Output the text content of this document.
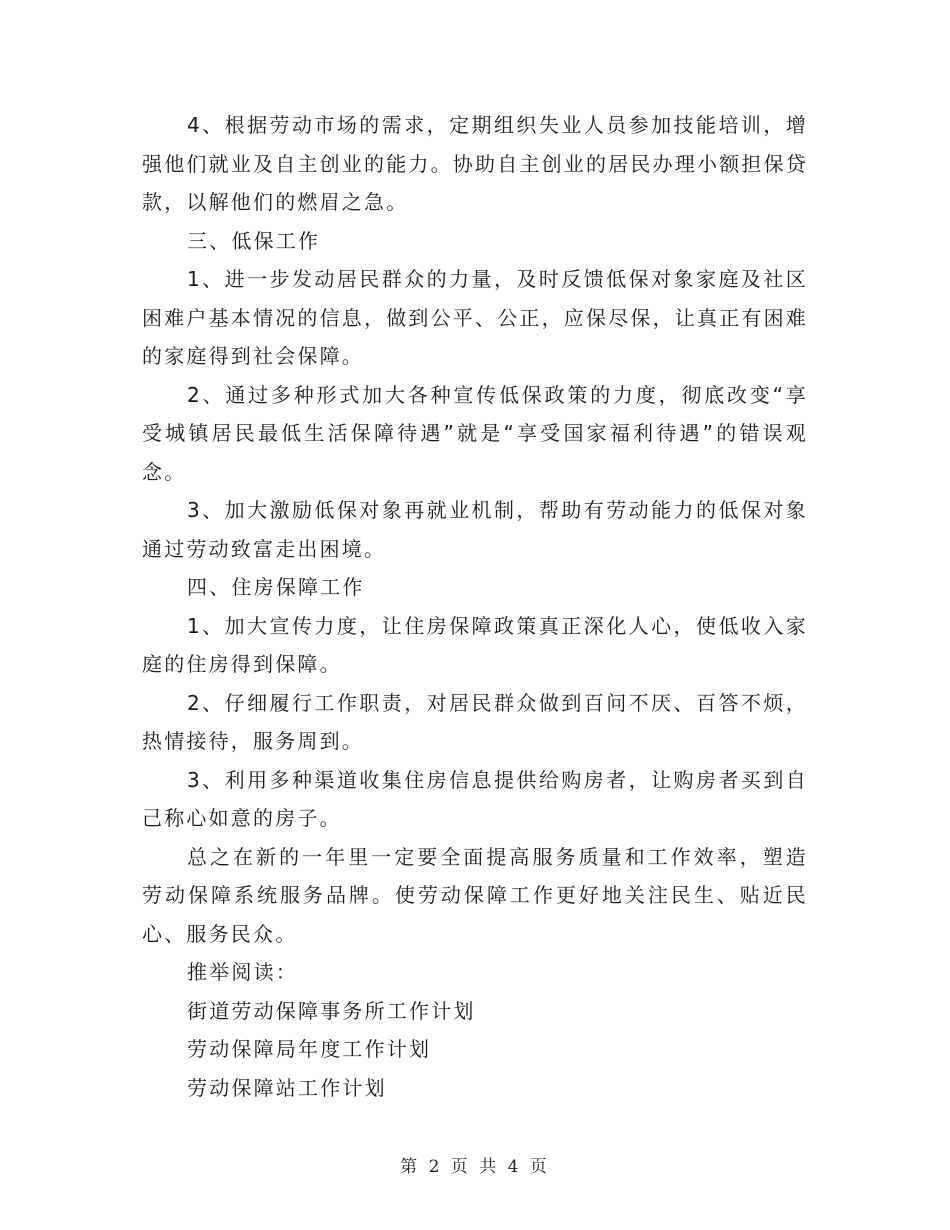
4、根据劳动市场的需求，定期组织失业人员参加技能培训，增强他们就业及自主创业的能力。协助自主创业的居民办理小额担保贷款，以解他们的燃眉之急。

三、低保工作

1、进一步发动居民群众的力量，及时反馈低保对象家庭及社区困难户基本情况的信息，做到公平、公正，应保尽保，让真正有困难的家庭得到社会保障。

2、通过多种形式加大各种宣传低保政策的力度，彻底改变“享受城镇居民最低生活保障待遇”就是“享受国家福利待遇”的错误观念。

3、加大激励低保对象再就业机制，帮助有劳动能力的低保对象通过劳动致富走出困境。

四、住房保障工作

1、加大宣传力度，让住房保障政策真正深化人心，使低收入家庭的住房得到保障。

2、仔细履行工作职责，对居民群众做到百问不厌、百答不烦，热情接待，服务周到。

3、利用多种渠道收集住房信息提供给购房者，让购房者买到自己称心如意的房子。

总之在新的一年里一定要全面提高服务质量和工作效率，塑造劳动保障系统服务品牌。使劳动保障工作更好地关注民生、贴近民心、服务民众。

推举阅读：

街道劳动保障事务所工作计划
劳动保障局年度工作计划
劳动保障站工作计划
第 2 页 共 4 页
